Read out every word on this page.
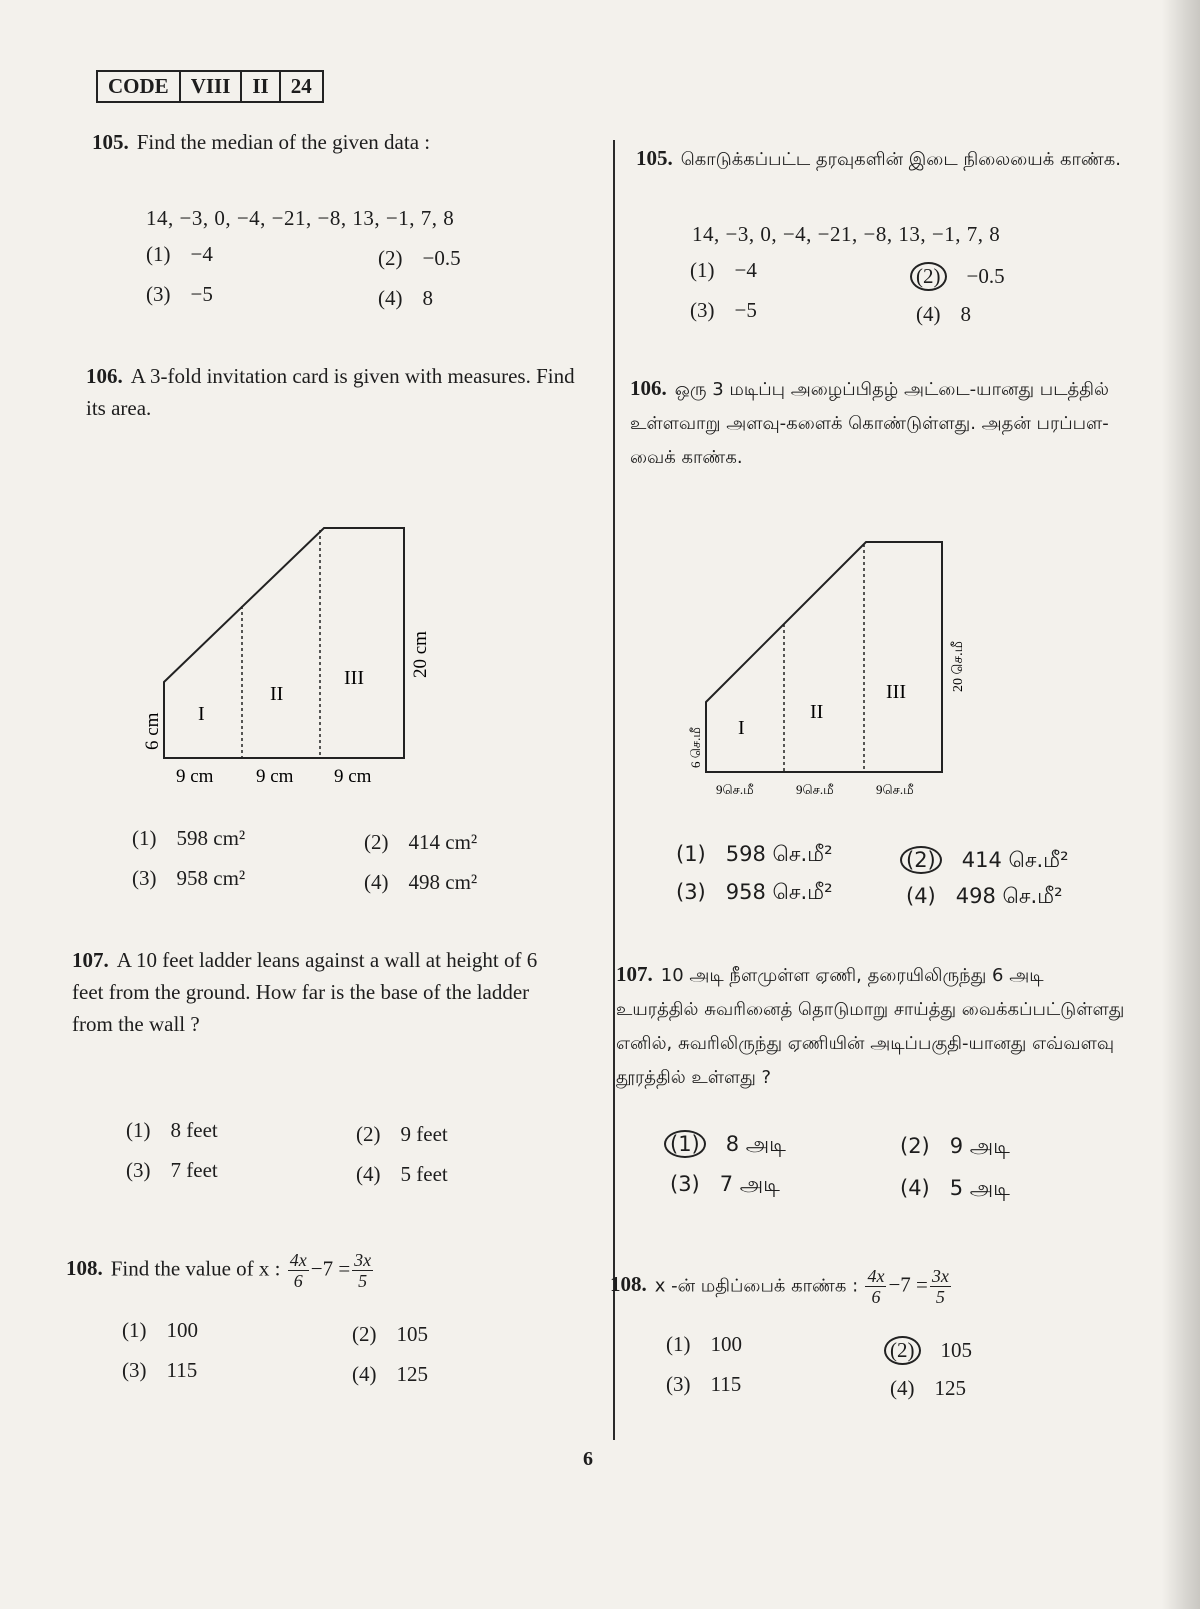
CODE	VIII	II	24
105. Find the median of the given data :
14, −3, 0, −4, −21, −8, 13, −1, 7, 8
(1) −4	(2) −0.5
(3) −5	(4) 8
106. A 3-fold invitation card is given with measures. Find its area.
I
II
III
9 cm 9 cm 9 cm
6 cm
20 cm
(1) 598 cm²	(2) 414 cm²
(3) 958 cm²	(4) 498 cm²
107. A 10 feet ladder leans against a wall at height of 6 feet from the ground. How far is the base of the ladder from the wall ?
(1) 8 feet	(2) 9 feet
(3) 7 feet	(4) 5 feet
108. Find the value of x : $\frac{4x}{6} -7 = \frac{3x}{5}$
(1) 100	(2) 105
(3) 115	(4) 125
105. கொடுக்கப்பட்ட தரவுகளின் இடை நிலையைக் காண்க.
14, −3, 0, −4, −21, −8, 13, −1, 7, 8
(1) −4	(2) −0.5
(3) −5	(4) 8
106. ஒரு 3 மடிப்பு அழைப்பிதழ் அட்டை-யானது படத்தில் உள்ளவாறு அளவு-களைக் கொண்டுள்ளது. அதன் பரப்பள-வைக் காண்க.
I
II
III
9செ.மீ	9செ.மீ	9செ.மீ
6 செ.மீ
20 செ.மீ
(1) 598 செ.மீ²	(2) 414 செ.மீ²
(3) 958 செ.மீ²	(4) 498 செ.மீ²
107. 10 அடி நீளமுள்ள ஏணி, தரையிலிருந்து 6 அடி உயரத்தில் சுவரினைத் தொடுமாறு சாய்த்து வைக்கப்பட்டுள்ளது எனில், சுவரிலிருந்து ஏணியின் அடிப்பகுதி-யானது எவ்வளவு தூரத்தில் உள்ளது ?
(1) 8 அடி	(2) 9 அடி
(3) 7 அடி	(4) 5 அடி
108. x -ன் மதிப்பைக் காண்க : $\frac{4x}{6} -7 = \frac{3x}{5}$
(1) 100	(2) 105
(3) 115	(4) 125
6
